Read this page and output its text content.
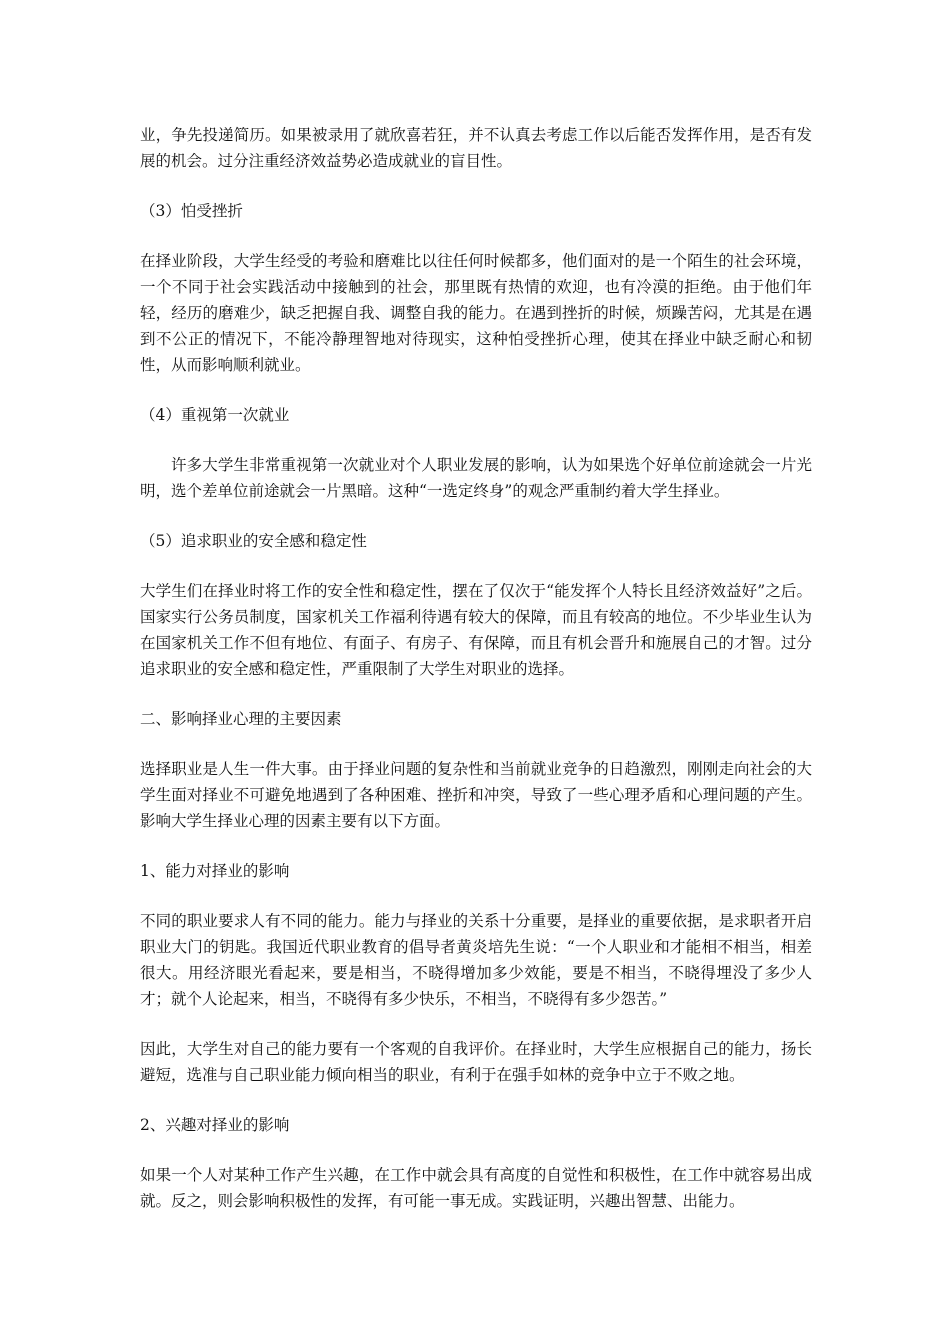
业，争先投递简历。如果被录用了就欣喜若狂，并不认真去考虑工作以后能否发挥作用，是否有发展的机会。过分注重经济效益势必造成就业的盲目性。

（3）怕受挫折

在择业阶段，大学生经受的考验和磨难比以往任何时候都多，他们面对的是一个陌生的社会环境，一个不同于社会实践活动中接触到的社会，那里既有热情的欢迎，也有冷漠的拒绝。由于他们年轻，经历的磨难少，缺乏把握自我、调整自我的能力。在遇到挫折的时候，烦躁苦闷，尤其是在遇到不公正的情况下，不能冷静理智地对待现实，这种怕受挫折心理，使其在择业中缺乏耐心和韧性，从而影响顺利就业。

（4）重视第一次就业

许多大学生非常重视第一次就业对个人职业发展的影响，认为如果选个好单位前途就会一片光明，选个差单位前途就会一片黑暗。这种“一选定终身”的观念严重制约着大学生择业。

（5）追求职业的安全感和稳定性

大学生们在择业时将工作的安全性和稳定性，摆在了仅次于“能发挥个人特长且经济效益好”之后。国家实行公务员制度，国家机关工作福利待遇有较大的保障，而且有较高的地位。不少毕业生认为在国家机关工作不但有地位、有面子、有房子、有保障，而且有机会晋升和施展自己的才智。过分追求职业的安全感和稳定性，严重限制了大学生对职业的选择。

二、影响择业心理的主要因素

选择职业是人生一件大事。由于择业问题的复杂性和当前就业竞争的日趋激烈，刚刚走向社会的大学生面对择业不可避免地遇到了各种困难、挫折和冲突，导致了一些心理矛盾和心理问题的产生。影响大学生择业心理的因素主要有以下方面。

1、能力对择业的影响

不同的职业要求人有不同的能力。能力与择业的关系十分重要，是择业的重要依据，是求职者开启职业大门的钥匙。我国近代职业教育的倡导者黄炎培先生说：“一个人职业和才能相不相当，相差很大。用经济眼光看起来，要是相当，不晓得增加多少效能，要是不相当，不晓得埋没了多少人才；就个人论起来，相当，不晓得有多少快乐，不相当，不晓得有多少怨苦。”

因此，大学生对自己的能力要有一个客观的自我评价。在择业时，大学生应根据自己的能力，扬长避短，选准与自己职业能力倾向相当的职业，有利于在强手如林的竞争中立于不败之地。

2、兴趣对择业的影响

如果一个人对某种工作产生兴趣，在工作中就会具有高度的自觉性和积极性，在工作中就容易出成就。反之，则会影响积极性的发挥，有可能一事无成。实践证明，兴趣出智慧、出能力。
